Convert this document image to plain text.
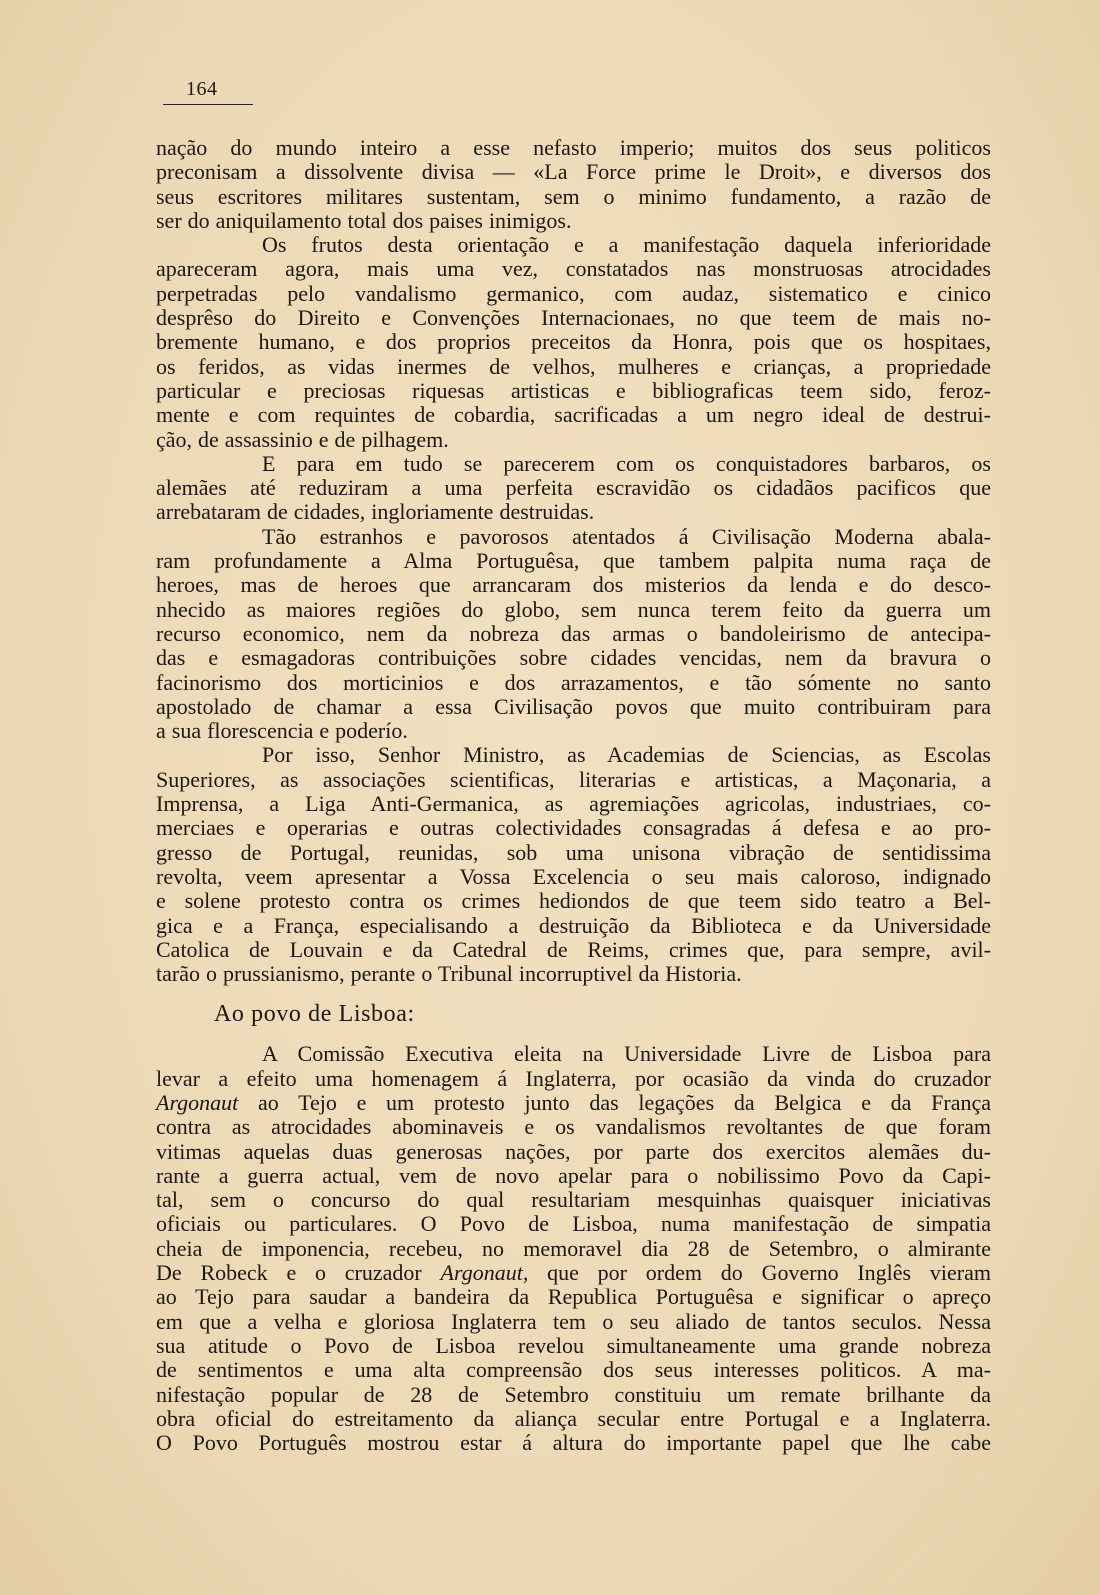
164

nação do mundo inteiro a esse nefasto imperio; muitos dos seus politicos

preconisam a dissolvente divisa — «La Force prime le Droit», e diversos dos

seus escritores militares sustentam, sem o minimo fundamento, a razão de

ser do aniquilamento total dos paises inimigos.

Os frutos desta orientação e a manifestação daquela inferioridade

apareceram agora, mais uma vez, constatados nas monstruosas atrocidades

perpetradas pelo vandalismo germanico, com audaz, sistematico e cinico

desprêso do Direito e Convenções Internacionaes, no que teem de mais no-

bremente humano, e dos proprios preceitos da Honra, pois que os hospitaes,

os feridos, as vidas inermes de velhos, mulheres e crianças, a propriedade

particular e preciosas riquesas artisticas e bibliograficas teem sido, feroz-

mente e com requintes de cobardia, sacrificadas a um negro ideal de destrui-

ção, de assassinio e de pilhagem.

E para em tudo se parecerem com os conquistadores barbaros, os

alemães até reduziram a uma perfeita escravidão os cidadãos pacificos que

arrebataram de cidades, ingloriamente destruidas.

Tão estranhos e pavorosos atentados á Civilisação Moderna abala-

ram profundamente a Alma Portuguêsa, que tambem palpita numa raça de

heroes, mas de heroes que arrancaram dos misterios da lenda e do desco-

nhecido as maiores regiões do globo, sem nunca terem feito da guerra um

recurso economico, nem da nobreza das armas o bandoleirismo de antecipa-

das e esmagadoras contribuições sobre cidades vencidas, nem da bravura o

facinorismo dos morticinios e dos arrazamentos, e tão sómente no santo

apostolado de chamar a essa Civilisação povos que muito contribuiram para

a sua florescencia e poderío.

Por isso, Senhor Ministro, as Academias de Sciencias, as Escolas

Superiores, as associações scientificas, literarias e artisticas, a Maçonaria, a

Imprensa, a Liga Anti-Germanica, as agremiações agricolas, industriaes, co-

merciaes e operarias e outras colectividades consagradas á defesa e ao pro-

gresso de Portugal, reunidas, sob uma unisona vibração de sentidissima

revolta, veem apresentar a Vossa Excelencia o seu mais caloroso, indignado

e solene protesto contra os crimes hediondos de que teem sido teatro a Bel-

gica e a França, especialisando a destruição da Biblioteca e da Universidade

Catolica de Louvain e da Catedral de Reims, crimes que, para sempre, avil-

tarão o prussianismo, perante o Tribunal incorruptivel da Historia.

Ao povo de Lisboa:

A Comissão Executiva eleita na Universidade Livre de Lisboa para

levar a efeito uma homenagem á Inglaterra, por ocasião da vinda do cruzador

Argonaut ao Tejo e um protesto junto das legações da Belgica e da França

contra as atrocidades abominaveis e os vandalismos revoltantes de que foram

vitimas aquelas duas generosas nações, por parte dos exercitos alemães du-

rante a guerra actual, vem de novo apelar para o nobilissimo Povo da Capi-

tal, sem o concurso do qual resultariam mesquinhas quaisquer iniciativas

oficiais ou particulares. O Povo de Lisboa, numa manifestação de simpatia

cheia de imponencia, recebeu, no memoravel dia 28 de Setembro, o almirante

De Robeck e o cruzador Argonaut, que por ordem do Governo Inglês vieram

ao Tejo para saudar a bandeira da Republica Portuguêsa e significar o apreço

em que a velha e gloriosa Inglaterra tem o seu aliado de tantos seculos. Nessa

sua atitude o Povo de Lisboa revelou simultaneamente uma grande nobreza

de sentimentos e uma alta compreensão dos seus interesses politicos. A ma-

nifestação popular de 28 de Setembro constituiu um remate brilhante da

obra oficial do estreitamento da aliança secular entre Portugal e a Inglaterra.

O Povo Português mostrou estar á altura do importante papel que lhe cabe
